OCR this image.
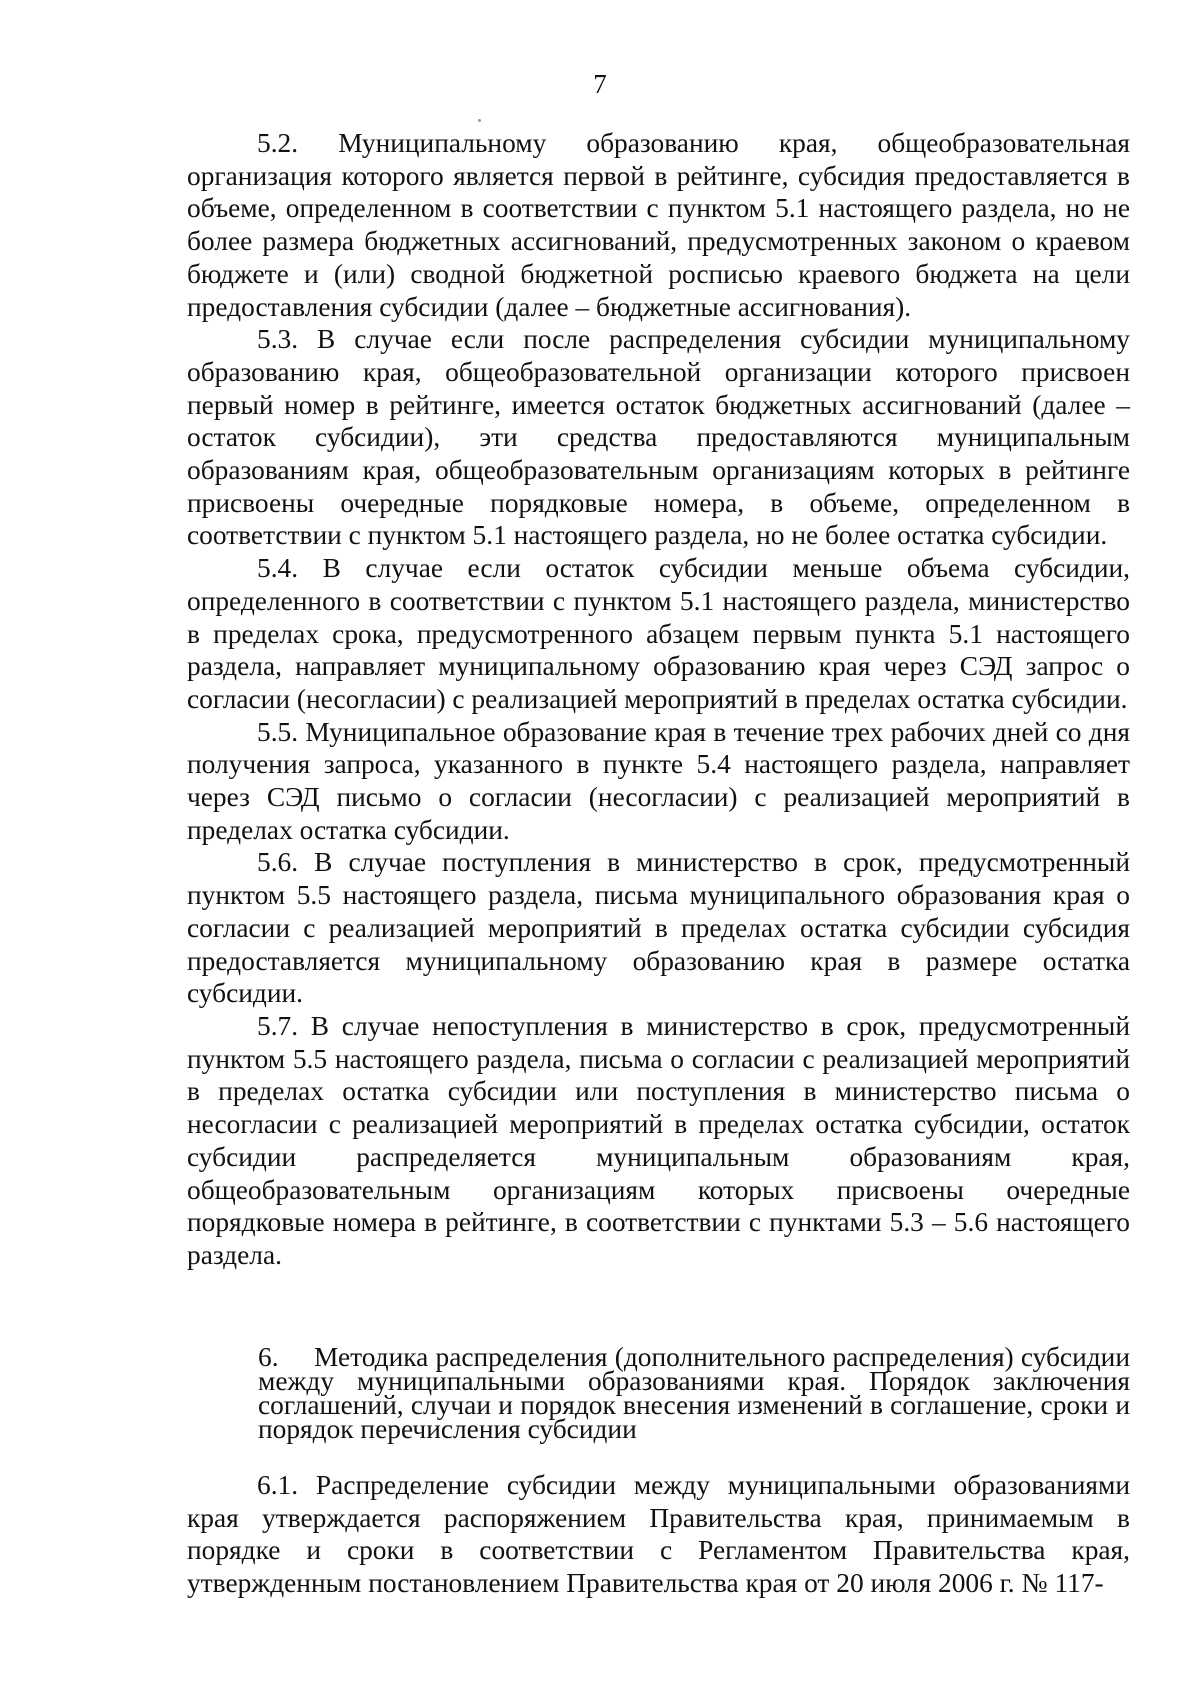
7

5.2. Муниципальному образованию края, общеобразовательная организация которого является первой в рейтинге, субсидия предоставляется в объеме, определенном в соответствии с пунктом 5.1 настоящего раздела, но не более размера бюджетных ассигнований, предусмотренных законом о краевом бюджете и (или) сводной бюджетной росписью краевого бюджета на цели предоставления субсидии (далее – бюджетные ассигнования).

5.3. В случае если после распределения субсидии муниципальному образованию края, общеобразовательной организации которого присвоен первый номер в рейтинге, имеется остаток бюджетных ассигнований (далее – остаток субсидии), эти средства предоставляются муниципальным образованиям края, общеобразовательным организациям которых в рейтинге присвоены очередные порядковые номера, в объеме, определенном в соответствии с пунктом 5.1 настоящего раздела, но не более остатка субсидии.

5.4. В случае если остаток субсидии меньше объема субсидии, определенного в соответствии с пунктом 5.1 настоящего раздела, министерство в пределах срока, предусмотренного абзацем первым пункта 5.1 настоящего раздела, направляет муниципальному образованию края через СЭД запрос о согласии (несогласии) с реализацией мероприятий в пределах остатка субсидии.

5.5. Муниципальное образование края в течение трех рабочих дней со дня получения запроса, указанного в пункте 5.4 настоящего раздела, направляет через СЭД письмо о согласии (несогласии) с реализацией мероприятий в пределах остатка субсидии.

5.6. В случае поступления в министерство в срок, предусмотренный пунктом 5.5 настоящего раздела, письма муниципального образования края о согласии с реализацией мероприятий в пределах остатка субсидии субсидия предоставляется муниципальному образованию края в размере остатка субсидии.

5.7. В случае непоступления в министерство в срок, предусмотренный пунктом 5.5 настоящего раздела, письма о согласии с реализацией мероприятий в пределах остатка субсидии или поступления в министерство письма о несогласии с реализацией мероприятий в пределах остатка субсидии, остаток субсидии распределяется муниципальным образованиям края, общеобразовательным организациям которых присвоены очередные порядковые номера в рейтинге, в соответствии с пунктами 5.3 – 5.6 настоящего раздела.

6. Методика распределения (дополнительного распределения) субсидии между муниципальными образованиями края. Порядок заключения соглашений, случаи и порядок внесения изменений в соглашение, сроки и порядок перечисления субсидии

6.1. Распределение субсидии между муниципальными образованиями края утверждается распоряжением Правительства края, принимаемым в порядке и сроки в соответствии с Регламентом Правительства края, утвержденным постановлением Правительства края от 20 июля 2006 г. № 117-
